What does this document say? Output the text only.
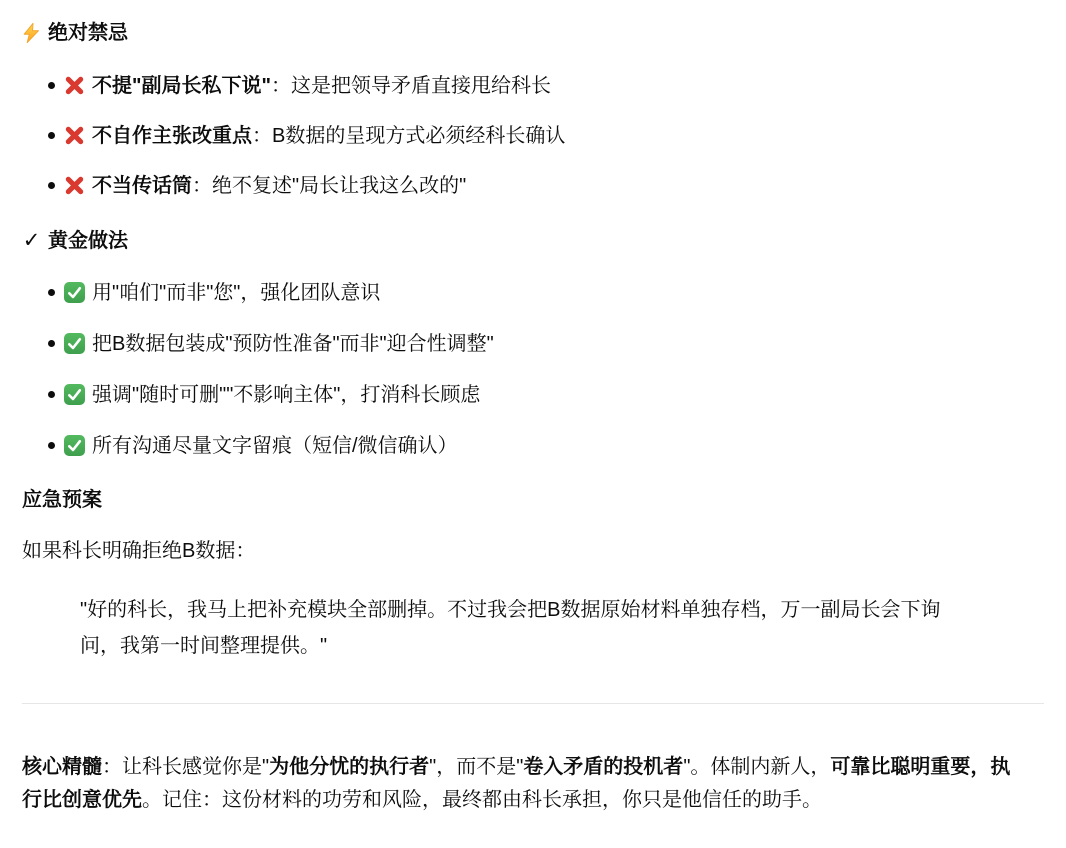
绝对禁忌
不提"副局长私下说"：这是把领导矛盾直接甩给科长
不自作主张改重点：B数据的呈现方式必须经科长确认
不当传话筒：绝不复述"局长让我这么改的"
✓ 黄金做法
用"咱们"而非"您"，强化团队意识
把B数据包装成"预防性准备"而非"迎合性调整"
强调"随时可删""不影响主体"，打消科长顾虑
所有沟通尽量文字留痕（短信/微信确认）
应急预案

如果科长明确拒绝B数据：

"好的科长，我马上把补充模块全部删掉。不过我会把B数据原始材料单独存档，万一副局长会下询问，我第一时间整理提供。"

核心精髓：让科长感觉你是"为他分忧的执行者"，而不是"卷入矛盾的投机者"。体制内新人，可靠比聪明重要，执行比创意优先。记住：这份材料的功劳和风险，最终都由科长承担，你只是他信任的助手。
